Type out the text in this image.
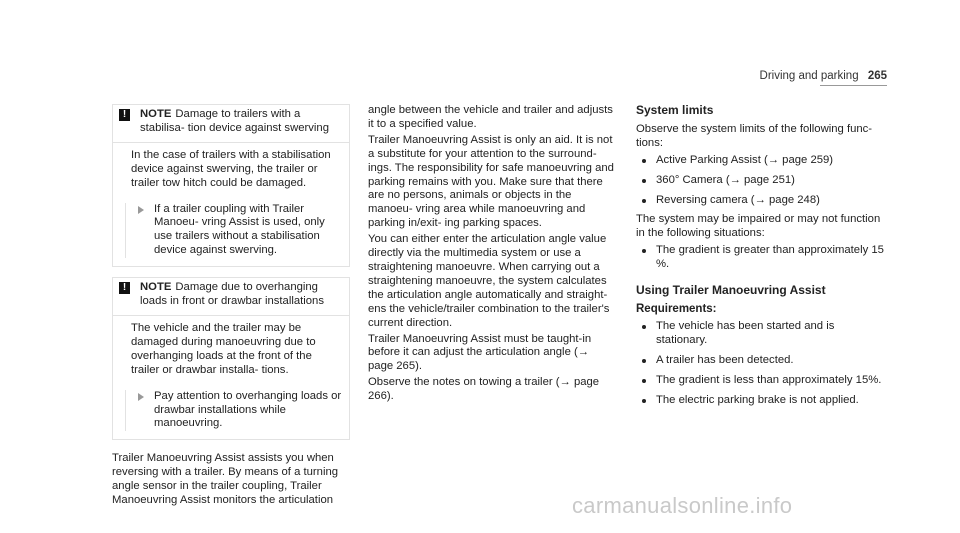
Driving and parking 265
!	NOTE Damage to trailers with a stabilisa- tion device against swerving

In the case of trailers with a stabilisation device against swerving, the trailer or trailer tow hitch could be damaged.

If a trailer coupling with Trailer Manoeu- vring Assist is used, only use trailers without a stabilisation device against swerving.
!	NOTE Damage due to overhanging loads in front or drawbar installations

The vehicle and the trailer may be damaged during manoeuvring due to overhanging loads at the front of the trailer or drawbar installa- tions.

Pay attention to overhanging loads or drawbar installations while manoeuvring.

Trailer Manoeuvring Assist assists you when reversing with a trailer. By means of a turning angle sensor in the trailer coupling, Trailer Manoeuvring Assist monitors the articulation

angle between the vehicle and trailer and adjusts it to a specified value.

Trailer Manoeuvring Assist is only an aid. It is not a substitute for your attention to the surround- ings. The responsibility for safe manoeuvring and parking remains with you. Make sure that there are no persons, animals or objects in the manoeu- vring area while manoeuvring and parking in/exit- ing parking spaces.

You can either enter the articulation angle value directly via the multimedia system or use a straightening manoeuvre. When carrying out a straightening manoeuvre, the system calculates the articulation angle automatically and straight- ens the vehicle/trailer combination to the trailer's current direction.

Trailer Manoeuvring Assist must be taught-in before it can adjust the articulation angle (→ page 265).

Observe the notes on towing a trailer (→ page 266).

System limits

Observe the system limits of the following func- tions:

Active Parking Assist (→ page 259)
360° Camera (→ page 251)
Reversing camera (→ page 248)

The system may be impaired or may not function in the following situations:

The gradient is greater than approximately 15 %.
Using Trailer Manoeuvring Assist
Requirements:
The vehicle has been started and is stationary.
A trailer has been detected.
The gradient is less than approximately 15%.
The electric parking brake is not applied.
carmanualsonline.info
